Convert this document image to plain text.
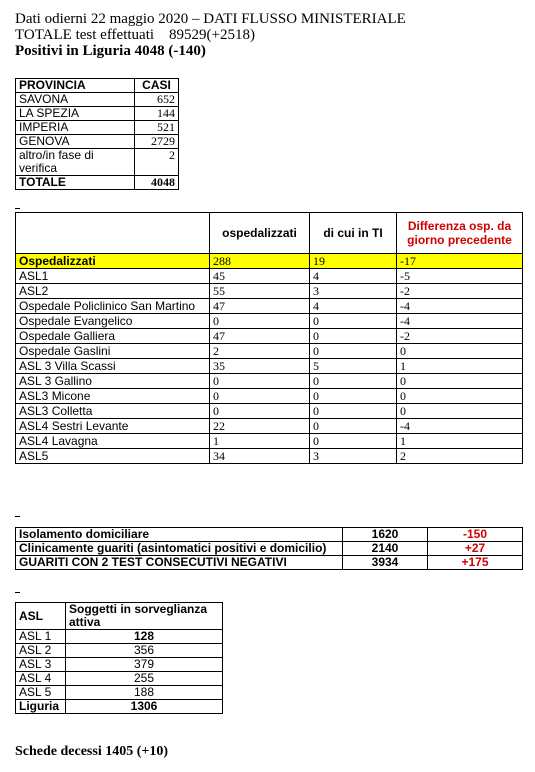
Dati odierni 22 maggio 2020 – DATI FLUSSO MINISTERIALE
TOTALE test effettuati    89529(+2518)
Positivi in Liguria 4048 (-140)
PROVINCIA	CASI
SAVONA	652
LA SPEZIA	144
IMPERIA	521
GENOVA	2729
altro/in fase di verifica	2
TOTALE	4048
	ospedalizzati	di cui in TI	Differenza osp. da giorno precedente
Ospedalizzati	288	19	-17
ASL1	45	4	-5
ASL2	55	3	-2
Ospedale Policlinico San Martino	47	4	-4
Ospedale Evangelico	0	0	-4
Ospedale Galliera	47	0	-2
Ospedale Gaslini	2	0	0
ASL 3 Villa Scassi	35	5	1
ASL 3 Gallino	0	0	0
ASL3 Micone	0	0	0
ASL3 Colletta	0	0	0
ASL4 Sestri Levante	22	0	-4
ASL4 Lavagna	1	0	1
ASL5	34	3	2
Isolamento domiciliare	1620	-150
Clinicamente guariti (asintomatici positivi e domicilio)	2140	+27
GUARITI CON 2 TEST CONSECUTIVI NEGATIVI	3934	+175
ASL	Soggetti in sorveglianza attiva
ASL 1	128
ASL 2	356
ASL 3	379
ASL 4	255
ASL 5	188
Liguria	1306
Schede decessi 1405 (+10)
